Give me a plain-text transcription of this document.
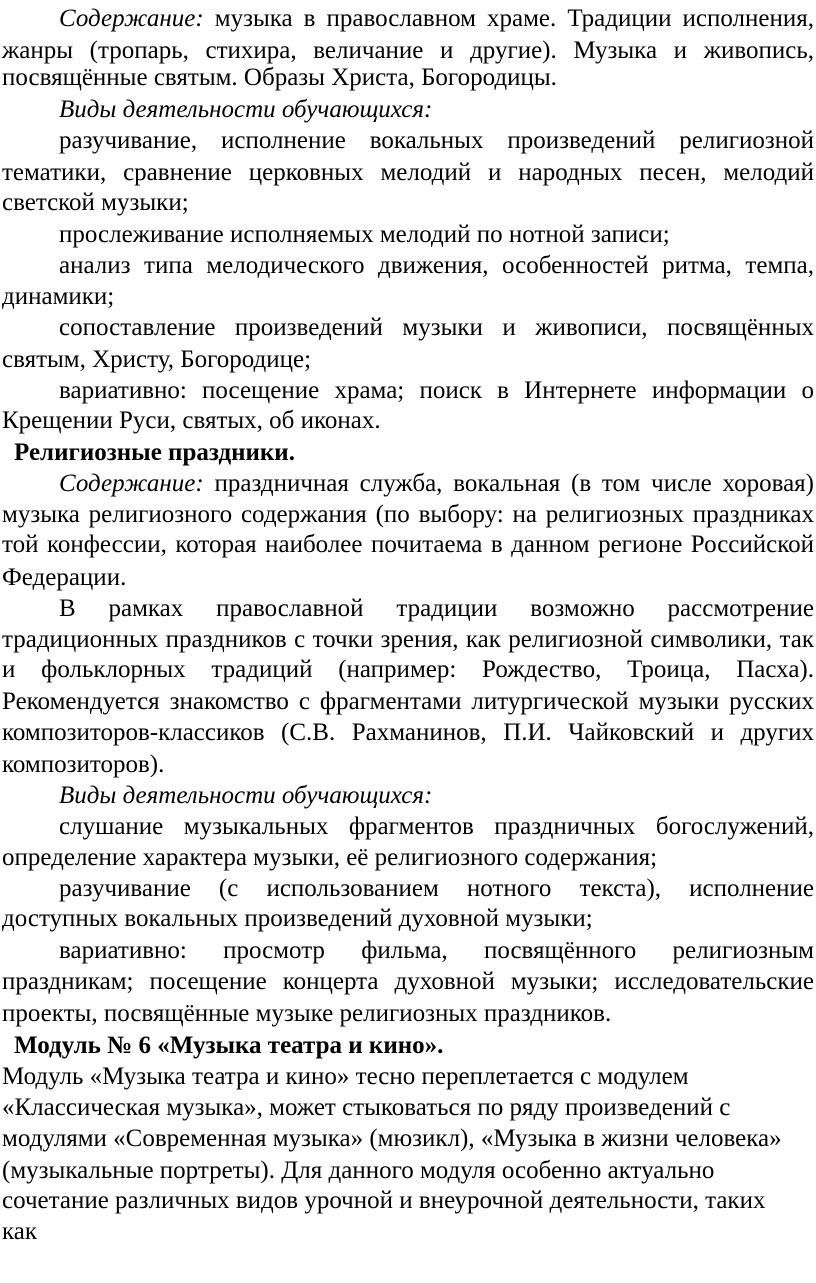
Содержание: музыка в православном храме. Традиции исполнения,
жанры (тропарь, стихира, величание и другие). Музыка и живопись,
посвящённые святым. Образы Христа, Богородицы.
Виды деятельности обучающихся:
разучивание, исполнение вокальных произведений религиозной
тематики, сравнение церковных мелодий и народных песен, мелодий
светской музыки;
прослеживание исполняемых мелодий по нотной записи;
анализ типа мелодического движения, особенностей ритма, темпа,
динамики;
сопоставление произведений музыки и живописи, посвящённых
святым, Христу, Богородице;
вариативно: посещение храма; поиск в Интернете информации о
Крещении Руси, святых, об иконах.
Религиозные праздники.
Содержание: праздничная служба, вокальная (в том числе хоровая)
музыка религиозного содержания (по выбору: на религиозных праздниках
той конфессии, которая наиболее почитаема в данном регионе Российской
Федерации.
В рамках православной традиции возможно рассмотрение
традиционных праздников с точки зрения, как религиозной символики, так
и фольклорных традиций (например: Рождество, Троица, Пасха).
Рекомендуется знакомство с фрагментами литургической музыки русских
композиторов-классиков (С.В. Рахманинов, П.И. Чайковский и других
композиторов).
Виды деятельности обучающихся:
слушание музыкальных фрагментов праздничных богослужений,
определение характера музыки, её религиозного содержания;
разучивание (с использованием нотного текста), исполнение
доступных вокальных произведений духовной музыки;
вариативно: просмотр фильма, посвящённого религиозным
праздникам; посещение концерта духовной музыки; исследовательские
проекты, посвящённые музыке религиозных праздников.
Модуль № 6 «Музыка театра и кино».
Модуль «Музыка театра и кино» тесно переплетается с модулем
«Классическая музыка», может стыковаться по ряду произведений с
модулями «Современная музыка» (мюзикл), «Музыка в жизни человека»
(музыкальные портреты). Для данного модуля особенно актуально
сочетание различных видов урочной и внеурочной деятельности, таких
как
